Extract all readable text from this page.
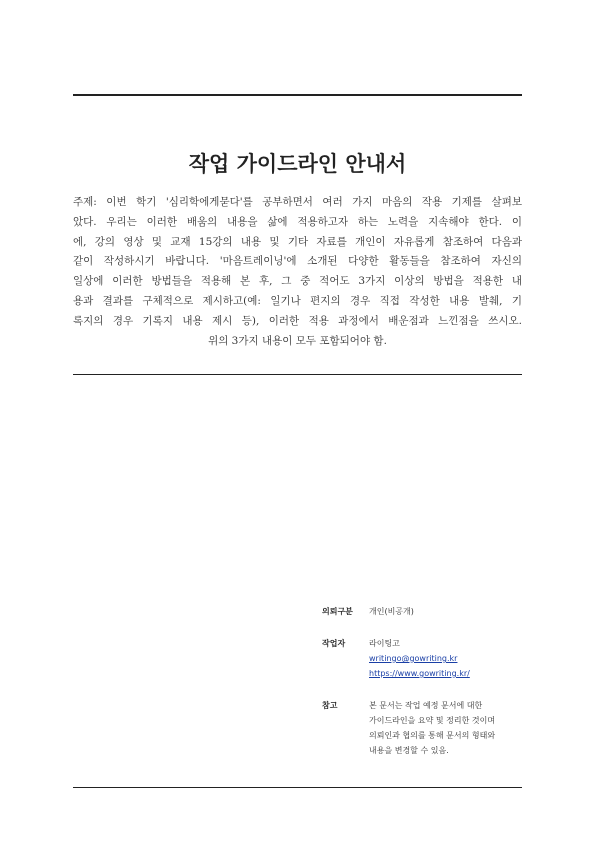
작업 가이드라인 안내서
주제: 이번 학기 '심리학에게묻다'를 공부하면서 여러 가지 마음의 작용 기제를 살펴보
았다. 우리는 이러한 배움의 내용을 삶에 적용하고자 하는 노력을 지속해야 한다. 이
에, 강의 영상 및 교재 15강의 내용 및 기타 자료를 개인이 자유롭게 참조하여 다음과
같이 작성하시기 바랍니다. '마음트레이닝'에 소개된 다양한 활동들을 참조하여 자신의
일상에 이러한 방법들을 적용해 본 후, 그 중 적어도 3가지 이상의 방법을 적용한 내
용과 결과를 구체적으로 제시하고(예: 일기나 편지의 경우 직접 작성한 내용 발췌, 기
록지의 경우 기록지 내용 제시 등), 이러한 적용 과정에서 배운점과 느낀점을 쓰시오.
위의 3가지 내용이 모두 포함되어야 함.
의뢰구분	개인(비공개)
작업자	라이팅고
writingo@gowriting.kr
https://www.gowriting.kr/
참고	본 문서는 작업 예정 문서에 대한
가이드라인을 요약 및 정리한 것이며
의뢰인과 협의를 통해 문서의 형태와
내용을 변경할 수 있음.
